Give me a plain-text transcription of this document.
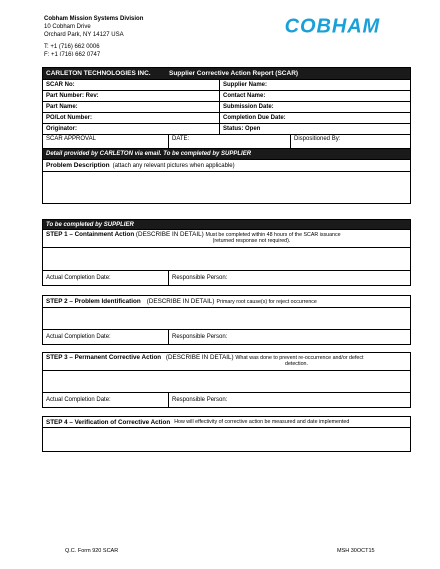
Cobham Mission Systems Division
10 Cobham Drive
Orchard Park, NY 14127 USA
T: +1 (716) 662 0006
F: +1 (716) 662 0747
COBHAM
CARLETON TECHNOLOGIES INC.	Supplier Corrective Action Report (SCAR)
SCAR No:	Supplier Name:
Part Number: Rev:	Contact Name:
Part Name:	Submission Date:
PO/Lot Number:	Completion Due Date:
Originator:	Status: Open
SCAR APPROVAL	DATE:	Dispositioned By:
Detail provided by CARLETON via email. To be completed by SUPPLIER
Problem Description (attach any relevant pictures when applicable)
To be completed by SUPPLIER
STEP 1 – Containment Action (DESCRIBE IN DETAIL) Must be completed within 48 hours of the SCAR issuance
(returned response not required).
Actual Completion Date:	Responsible Person:
STEP 2 – Problem Identification (DESCRIBE IN DETAIL) Primary root cause(s) for reject occurrence
Actual Completion Date:	Responsible Person:
STEP 3 – Permanent Corrective Action (DESCRIBE IN DETAIL) What was done to prevent re-occurrence and/or defect
detection.
Actual Completion Date:	Responsible Person:
STEP 4 – Verification of Corrective Action How will effectivity of corrective action be measured and date implemented
Q.C. Form 920 SCAR	MSH 30OCT15
